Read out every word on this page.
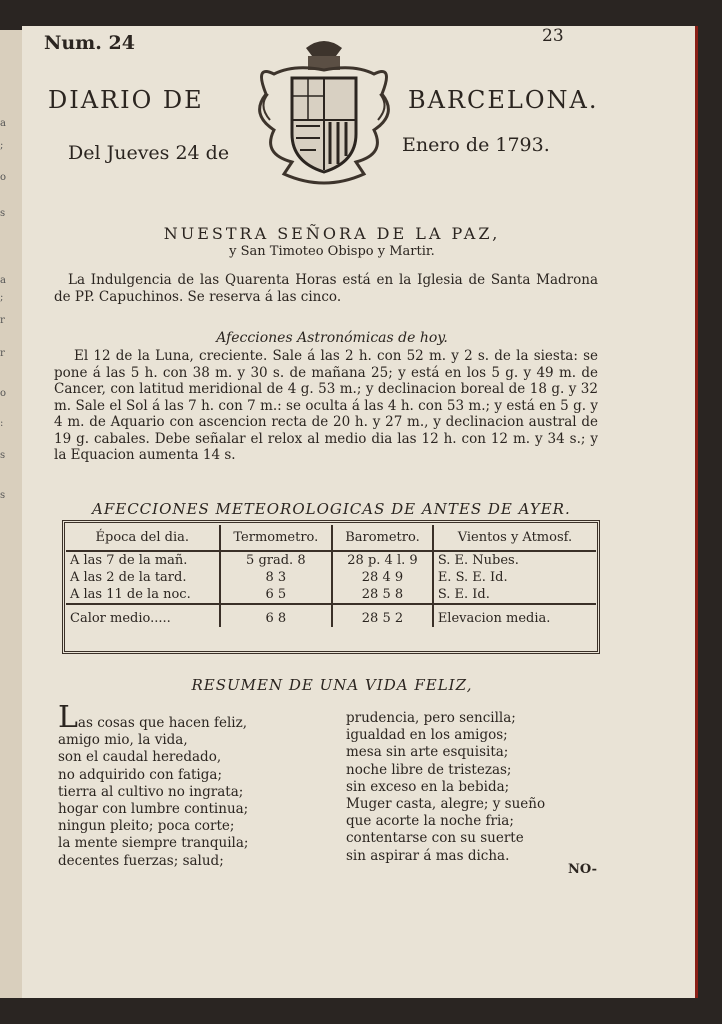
a
;
o
s
a
;
r
r
o
:
s
s
Num. 24	23
DIARIO DE	BARCELONA.
Del Jueves 24 de	Enero de 1793.
NUESTRA SEÑORA DE LA PAZ,
y San Timoteo Obispo y Martir.
La Indulgencia de las Quarenta Horas está en la Iglesia de Santa Madrona de PP. Capuchinos. Se reserva á las cinco.
Afecciones Astronómicas de hoy.
El 12 de la Luna, creciente. Sale á las 2 h. con 52 m. y 2 s. de la siesta: se pone á las 5 h. con 38 m. y 30 s. de mañana 25; y está en los 5 g. y 49 m. de Cancer, con latitud meridional de 4 g. 53 m.; y declinacion boreal de 18 g. y 32 m. Sale el Sol á las 7 h. con 7 m.: se oculta á las 4 h. con 53 m.; y está en 5 g. y 4 m. de Aquario con ascencion recta de 20 h. y 27 m., y declinacion austral de 19 g. cabales. Debe señalar el relox al medio dia las 12 h. con 12 m. y 34 s.; y la Equacion aumenta 14 s.
AFECCIONES METEOROLOGICAS DE ANTES DE AYER.
Época del dia.	Termometro.	Barometro.	Vientos y Atmosf.
A las 7 de la mañ.	5 grad. 8	28 p. 4 l. 9	S. E. Nubes.
A las 2 de la tard.	8 3	28 4 9	E. S. E. Id.
A las 11 de la noc.	6 5	28 5 8	S. E. Id.
Calor medio.....	6 8	28 5 2	Elevacion media.
RESUMEN DE UNA VIDA FELIZ,
Las cosas que hacen feliz,
amigo mio, la vida,
son el caudal heredado,
no adquirido con fatiga;
tierra al cultivo no ingrata;
hogar con lumbre continua;
ningun pleito; poca corte;
la mente siempre tranquila;
decentes fuerzas; salud;
prudencia, pero sencilla;
igualdad en los amigos;
mesa sin arte esquisita;
noche libre de tristezas;
sin exceso en la bebida;
Muger casta, alegre; y sueño
que acorte la noche fria;
contentarse con su suerte
sin aspirar á mas dicha.
NO-
